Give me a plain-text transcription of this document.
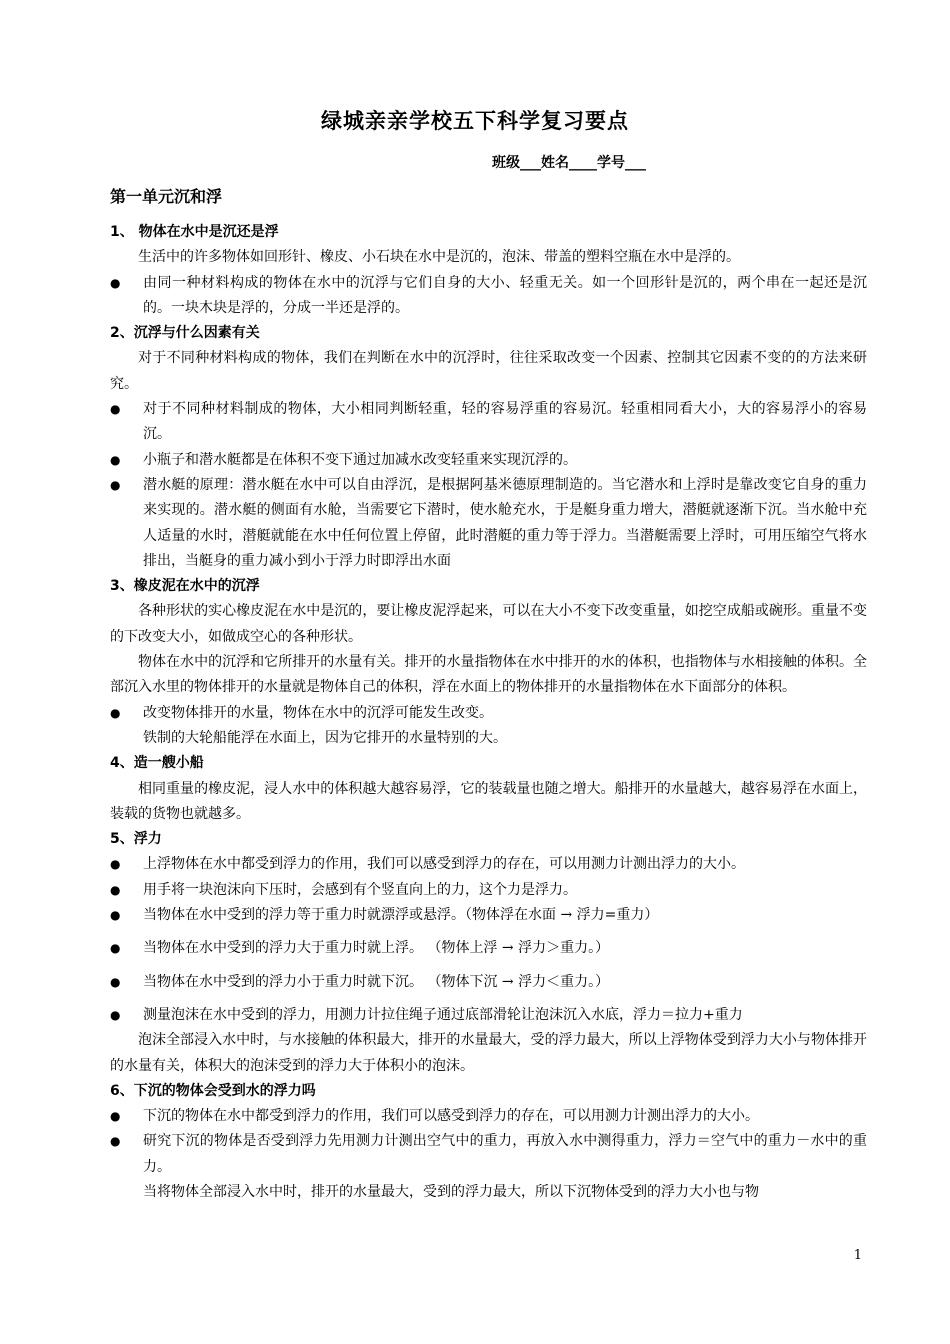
绿城亲亲学校五下科学复习要点
班级___姓名____学号___
第一单元沉和浮

1、 物体在水中是沉还是浮

生活中的许多物体如回形针、橡皮、小石块在水中是沉的，泡沫、带盖的塑料空瓶在水中是浮的。

● 由同一种材料构成的物体在水中的沉浮与它们自身的大小、轻重无关。如一个回形针是沉的，两个串在一起还是沉的。一块木块是浮的，分成一半还是浮的。

2、沉浮与什么因素有关

对于不同种材料构成的物体，我们在判断在水中的沉浮时，往往采取改变一个因素、控制其它因素不变的的方法来研究。

● 对于不同种材料制成的物体，大小相同判断轻重，轻的容易浮重的容易沉。轻重相同看大小，大的容易浮小的容易沉。

● 小瓶子和潜水艇都是在体积不变下通过加减水改变轻重来实现沉浮的。

● 潜水艇的原理：潜水艇在水中可以自由浮沉，是根据阿基米德原理制造的。当它潜水和上浮时是靠改变它自身的重力来实现的。潜水艇的侧面有水舱，当需要它下潜时，使水舱充水，于是艇身重力增大，潜艇就逐渐下沉。当水舱中充人适量的水时，潜艇就能在水中任何位置上停留，此时潜艇的重力等于浮力。当潜艇需要上浮时，可用压缩空气将水排出，当艇身的重力减小到小于浮力时即浮出水面

3、橡皮泥在水中的沉浮

各种形状的实心橡皮泥在水中是沉的，要让橡皮泥浮起来，可以在大小不变下改变重量，如挖空成船或碗形。重量不变的下改变大小，如做成空心的各种形状。

物体在水中的沉浮和它所排开的水量有关。排开的水量指物体在水中排开的水的体积，也指物体与水相接触的体积。全部沉入水里的物体排开的水量就是物体自己的体积，浮在水面上的物体排开的水量指物体在水下面部分的体积。

● 改变物体排开的水量，物体在水中的沉浮可能发生改变。

铁制的大轮船能浮在水面上，因为它排开的水量特别的大。

4、造一艘小船

相同重量的橡皮泥，浸人水中的体积越大越容易浮，它的装载量也随之增大。船排开的水量越大，越容易浮在水面上，装载的货物也就越多。

5、浮力

● 上浮物体在水中都受到浮力的作用，我们可以感受到浮力的存在，可以用测力计测出浮力的大小。

● 用手将一块泡沫向下压时，会感到有个竖直向上的力，这个力是浮力。

● 当物体在水中受到的浮力等于重力时就漂浮或悬浮。（物体浮在水面 → 浮力=重力）

● 当物体在水中受到的浮力大于重力时就上浮。 （物体上浮 → 浮力＞重力。）

● 当物体在水中受到的浮力小于重力时就下沉。 （物体下沉 → 浮力＜重力。）

● 测量泡沫在水中受到的浮力，用测力计拉住绳子通过底部滑轮让泡沫沉入水底，浮力＝拉力+重力

泡沫全部浸入水中时，与水接触的体积最大，排开的水量最大，受的浮力最大，所以上浮物体受到浮力大小与物体排开的水量有关，体积大的泡沫受到的浮力大于体积小的泡沫。

6、下沉的物体会受到水的浮力吗

● 下沉的物体在水中都受到浮力的作用，我们可以感受到浮力的存在，可以用测力计测出浮力的大小。

● 研究下沉的物体是否受到浮力先用测力计测出空气中的重力，再放入水中测得重力，浮力＝空气中的重力－水中的重力。

当将物体全部浸入水中时，排开的水量最大，受到的浮力最大，所以下沉物体受到的浮力大小也与物

1
